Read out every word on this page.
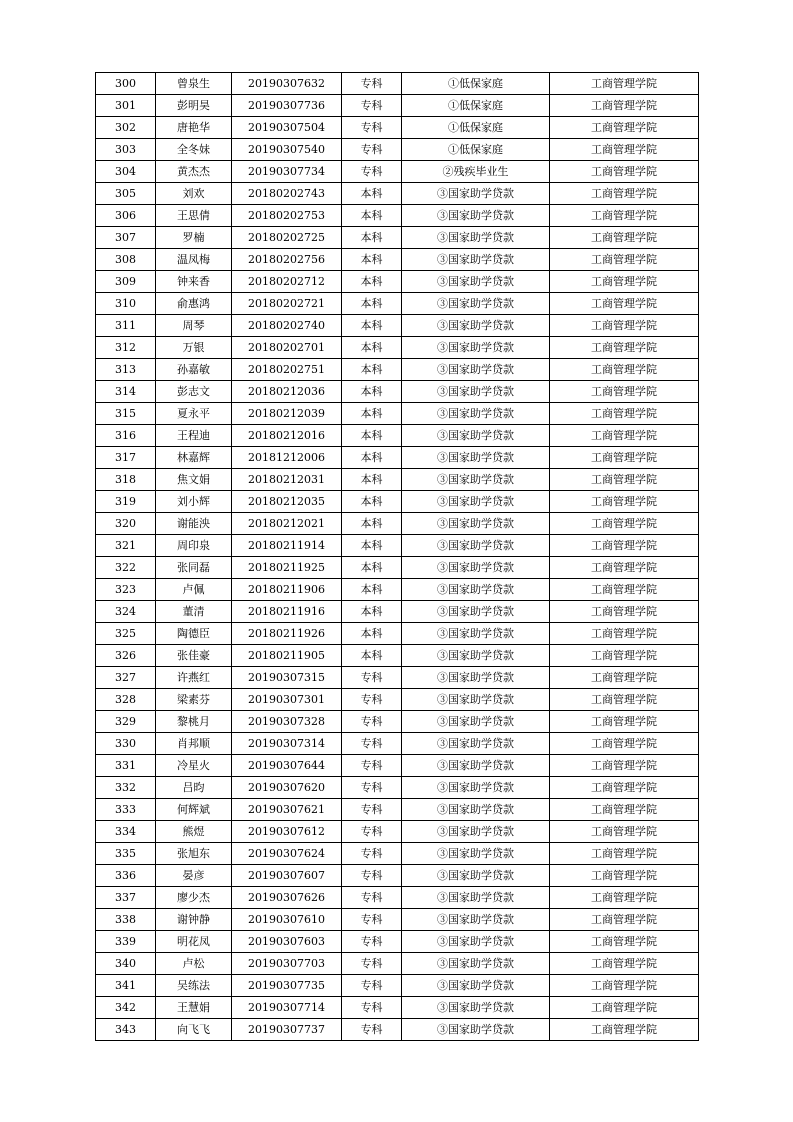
300	曾泉生	20190307632	专科	①低保家庭	工商管理学院
301	彭明昊	20190307736	专科	①低保家庭	工商管理学院
302	唐艳华	20190307504	专科	①低保家庭	工商管理学院
303	全冬妹	20190307540	专科	①低保家庭	工商管理学院
304	黄杰杰	20190307734	专科	②残疾毕业生	工商管理学院
305	刘欢	20180202743	本科	③国家助学贷款	工商管理学院
306	王思倩	20180202753	本科	③国家助学贷款	工商管理学院
307	罗楠	20180202725	本科	③国家助学贷款	工商管理学院
308	温凤梅	20180202756	本科	③国家助学贷款	工商管理学院
309	钟来香	20180202712	本科	③国家助学贷款	工商管理学院
310	俞惠鸿	20180202721	本科	③国家助学贷款	工商管理学院
311	周琴	20180202740	本科	③国家助学贷款	工商管理学院
312	万银	20180202701	本科	③国家助学贷款	工商管理学院
313	孙嘉敏	20180202751	本科	③国家助学贷款	工商管理学院
314	彭志文	20180212036	本科	③国家助学贷款	工商管理学院
315	夏永平	20180212039	本科	③国家助学贷款	工商管理学院
316	王程迪	20180212016	本科	③国家助学贷款	工商管理学院
317	林嘉辉	20181212006	本科	③国家助学贷款	工商管理学院
318	焦文娟	20180212031	本科	③国家助学贷款	工商管理学院
319	刘小辉	20180212035	本科	③国家助学贷款	工商管理学院
320	谢能泱	20180212021	本科	③国家助学贷款	工商管理学院
321	周印泉	20180211914	本科	③国家助学贷款	工商管理学院
322	张同磊	20180211925	本科	③国家助学贷款	工商管理学院
323	卢佩	20180211906	本科	③国家助学贷款	工商管理学院
324	董清	20180211916	本科	③国家助学贷款	工商管理学院
325	陶德臣	20180211926	本科	③国家助学贷款	工商管理学院
326	张佳豪	20180211905	本科	③国家助学贷款	工商管理学院
327	许燕红	20190307315	专科	③国家助学贷款	工商管理学院
328	梁素芬	20190307301	专科	③国家助学贷款	工商管理学院
329	黎桃月	20190307328	专科	③国家助学贷款	工商管理学院
330	肖邦顺	20190307314	专科	③国家助学贷款	工商管理学院
331	冷星火	20190307644	专科	③国家助学贷款	工商管理学院
332	吕昀	20190307620	专科	③国家助学贷款	工商管理学院
333	何辉斌	20190307621	专科	③国家助学贷款	工商管理学院
334	熊煜	20190307612	专科	③国家助学贷款	工商管理学院
335	张旭东	20190307624	专科	③国家助学贷款	工商管理学院
336	晏彦	20190307607	专科	③国家助学贷款	工商管理学院
337	廖少杰	20190307626	专科	③国家助学贷款	工商管理学院
338	谢钟静	20190307610	专科	③国家助学贷款	工商管理学院
339	明花凤	20190307603	专科	③国家助学贷款	工商管理学院
340	卢松	20190307703	专科	③国家助学贷款	工商管理学院
341	吴练法	20190307735	专科	③国家助学贷款	工商管理学院
342	王慧娟	20190307714	专科	③国家助学贷款	工商管理学院
343	向飞飞	20190307737	专科	③国家助学贷款	工商管理学院
